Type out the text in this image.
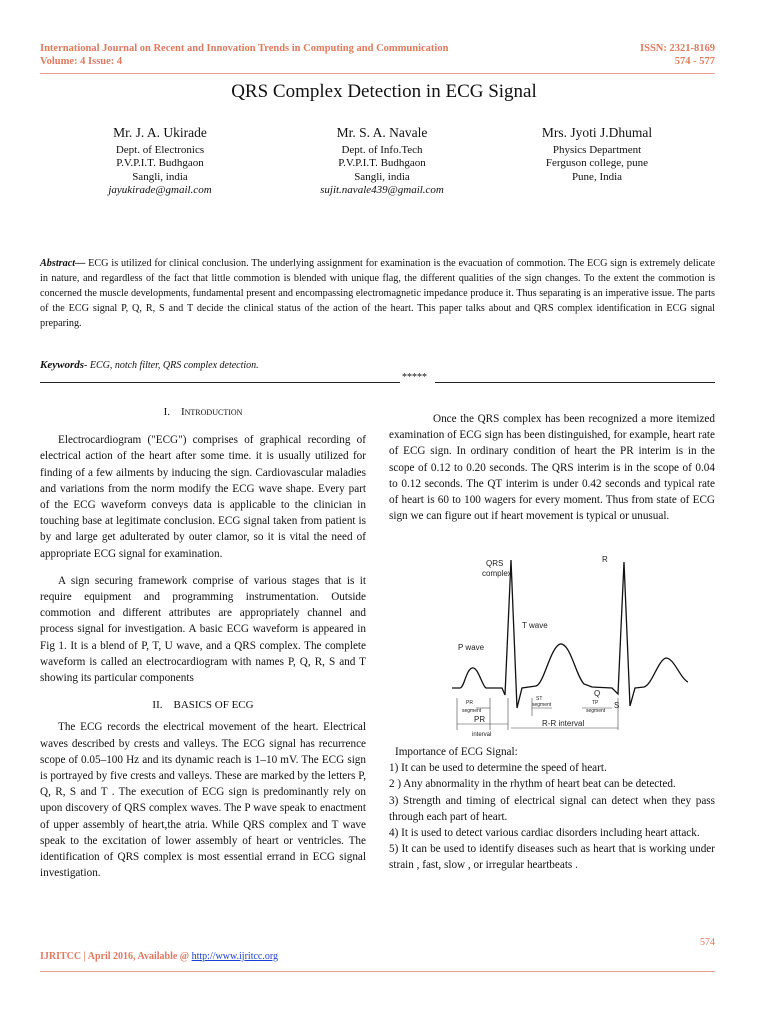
International Journal on Recent and Innovation Trends in Computing and Communication
Volume: 4 Issue: 4
ISSN: 2321-8169
574 - 577
QRS Complex Detection in ECG Signal
Mr. J. A. Ukirade
Dept. of Electronics
P.V.P.I.T. Budhgaon
Sangli, india
jayukirade@gmail.com
Mr. S. A. Navale
Dept. of Info.Tech
P.V.P.I.T. Budhgaon
Sangli, india
sujit.navale439@gmail.com
Mrs. Jyoti J.Dhumal
Physics Department
Ferguson college, pune
Pune, India
Abstract— ECG is utilized for clinical conclusion. The underlying assignment for examination is the evacuation of commotion. The ECG sign is extremely delicate in nature, and regardless of the fact that little commotion is blended with unique flag, the different qualities of the sign changes. To the extent the commotion is concerned the muscle developments, fundamental present and encompassing electromagnetic impedance produce it. Thus separating is an imperative issue. The parts of the ECG signal P, Q, R, S and T decide the clinical status of the action of the heart. This paper talks about and QRS complex identification in ECG signal preparing.
Keywords- ECG, notch filter, QRS complex detection.
*****
I. Introduction

Electrocardiogram ("ECG") comprises of graphical recording of electrical action of the heart after some time. it is usually utilized for finding of a few ailments by inducing the sign. Cardiovascular maladies and variations from the norm modify the ECG wave shape. Every part of the ECG waveform conveys data is applicable to the clinician in touching base at legitimate conclusion. ECG signal taken from patient is by and large get adulterated by outer clamor, so it is vital the need of appropriate ECG signal for examination.

A sign securing framework comprise of various stages that is it require equipment and programming instrumentation. Outside commotion and different attributes are appropriately channel and process signal for investigation. A basic ECG waveform is appeared in Fig 1. It is a blend of P, T, U wave, and a QRS complex. The complete waveform is called an electrocardiogram with names P, Q, R, S and T showing its particular components

II. BASICS OF ECG

The ECG records the electrical movement of the heart. Electrical waves described by crests and valleys. The ECG signal has recurrence scope of 0.05–100 Hz and its dynamic reach is 1–10 mV. The ECG sign is portrayed by five crests and valleys. These are marked by the letters P, Q, R, S and T . The execution of ECG sign is predominantly rely on upon discovery of QRS complex waves. The P wave speak to enactment of upper assembly of heart,the atria. While QRS complex and T wave speak to the excitation of lower assembly of heart or ventricles. The identification of QRS complex is most essential errand in ECG signal investigation.

Once the QRS complex has been recognized a more itemized examination of ECG sign has been distinguished, for example, heart rate of ECG sign. In ordinary condition of heart the PR interim is in the scope of 0.12 to 0.20 seconds. The QRS interim is in the scope of 0.04 to 0.12 seconds. The QT interim is under 0.42 seconds and typical rate of heart is 60 to 100 wagers for every moment. Thus from state of ECG sign we can figure out if heart movement is typical or unusual.

QRS
complex
R
T wave
P wave
Q
S
PR
segment
ST
segment	TP
segment
PR
interval
R-R interval
Importance of ECG Signal:
1) It can be used to determine the speed of heart.
2 ) Any abnormality in the rhythm of heart beat can be detected.
3) Strength and timing of electrical signal can detect when they pass through each part of heart.
4) It is used to detect various cardiac disorders including heart attack.
5) It can be used to identify diseases such as heart that is working under strain , fast, slow , or irregular heartbeats .
574
IJRITCC | April 2016, Available @ http://www.ijritcc.org
